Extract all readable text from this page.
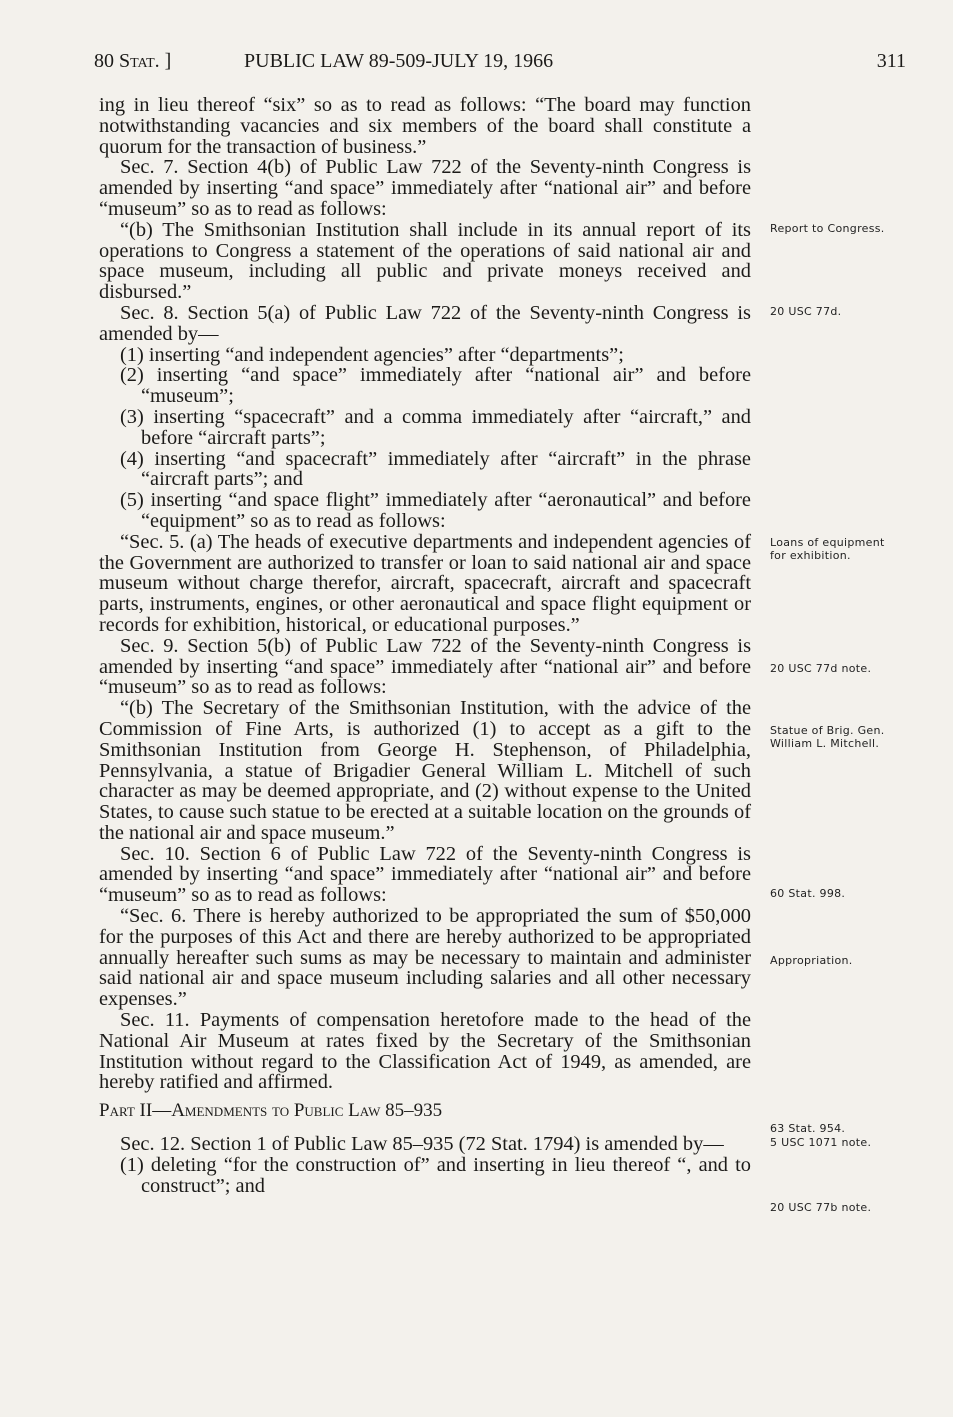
80 Stat. ]	PUBLIC LAW 89-509-JULY 19, 1966	311

ing in lieu thereof “six” so as to read as follows: “The board may function notwithstanding vacancies and six members of the board shall constitute a quorum for the transaction of business.”

Sec. 7. Section 4(b) of Public Law 722 of the Seventy-ninth Congress is amended by inserting “and space” immediately after “national air” and before “museum” so as to read as follows:

“(b) The Smithsonian Institution shall include in its annual report of its operations to Congress a statement of the operations of said national air and space museum, including all public and private moneys received and disbursed.”

Sec. 8. Section 5(a) of Public Law 722 of the Seventy-ninth Congress is amended by—

(1) inserting “and independent agencies” after “departments”;

(2) inserting “and space” immediately after “national air” and before “museum”;

(3) inserting “spacecraft” and a comma immediately after “aircraft,” and before “aircraft parts”;

(4) inserting “and spacecraft” immediately after “aircraft” in the phrase “aircraft parts”; and

(5) inserting “and space flight” immediately after “aeronautical” and before “equipment” so as to read as follows:

“Sec. 5. (a) The heads of executive departments and independent agencies of the Government are authorized to transfer or loan to said national air and space museum without charge therefor, aircraft, spacecraft, aircraft and spacecraft parts, instruments, engines, or other aeronautical and space flight equipment or records for exhibition, historical, or educational purposes.”

Sec. 9. Section 5(b) of Public Law 722 of the Seventy-ninth Congress is amended by inserting “and space” immediately after “national air” and before “museum” so as to read as follows:

“(b) The Secretary of the Smithsonian Institution, with the advice of the Commission of Fine Arts, is authorized (1) to accept as a gift to the Smithsonian Institution from George H. Stephenson, of Philadelphia, Pennsylvania, a statue of Brigadier General William L. Mitchell of such character as may be deemed appropriate, and (2) without expense to the United States, to cause such statue to be erected at a suitable location on the grounds of the national air and space museum.”

Sec. 10. Section 6 of Public Law 722 of the Seventy-ninth Congress is amended by inserting “and space” immediately after “national air” and before “museum” so as to read as follows:

“Sec. 6. There is hereby authorized to be appropriated the sum of $50,000 for the purposes of this Act and there are hereby authorized to be appropriated annually hereafter such sums as may be necessary to maintain and administer said national air and space museum including salaries and all other necessary expenses.”

Sec. 11. Payments of compensation heretofore made to the head of the National Air Museum at rates fixed by the Secretary of the Smithsonian Institution without regard to the Classification Act of 1949, as amended, are hereby ratified and affirmed.

Part II—Amendments to Public Law 85–935

Sec. 12. Section 1 of Public Law 85–935 (72 Stat. 1794) is amended by—

(1) deleting “for the construction of” and inserting in lieu thereof “, and to construct”; and

Report to Congress.
20 USC 77d.
Loans of equipment for exhibition.
20 USC 77d note.
Statue of Brig. Gen. William L. Mitchell.
60 Stat. 998.
Appropriation.
63 Stat. 954.
5 USC 1071 note.
20 USC 77b note.
